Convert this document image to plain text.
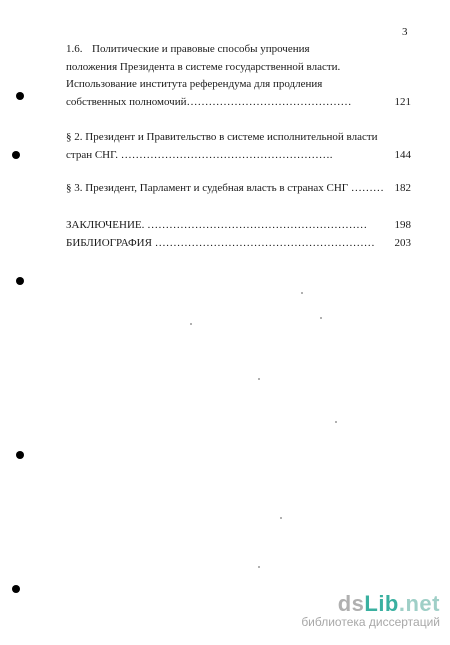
3
1.6. Политические и правовые способы упрочения
положения Президента в системе государственной власти.
Использование института референдума для продления
собственных полномочий………………………………………	121
§ 2. Президент и Правительство в системе исполнительной власти
стран СНГ. ………………………………………………….	144
§ 3. Президент, Парламент и судебная власть в странах СНГ ……… 182
ЗАКЛЮЧЕНИЕ. ……………………………………………………	198
БИБЛИОГРАФИЯ ……………………………………………………	203
dsLib.net
библиотека диссертаций
